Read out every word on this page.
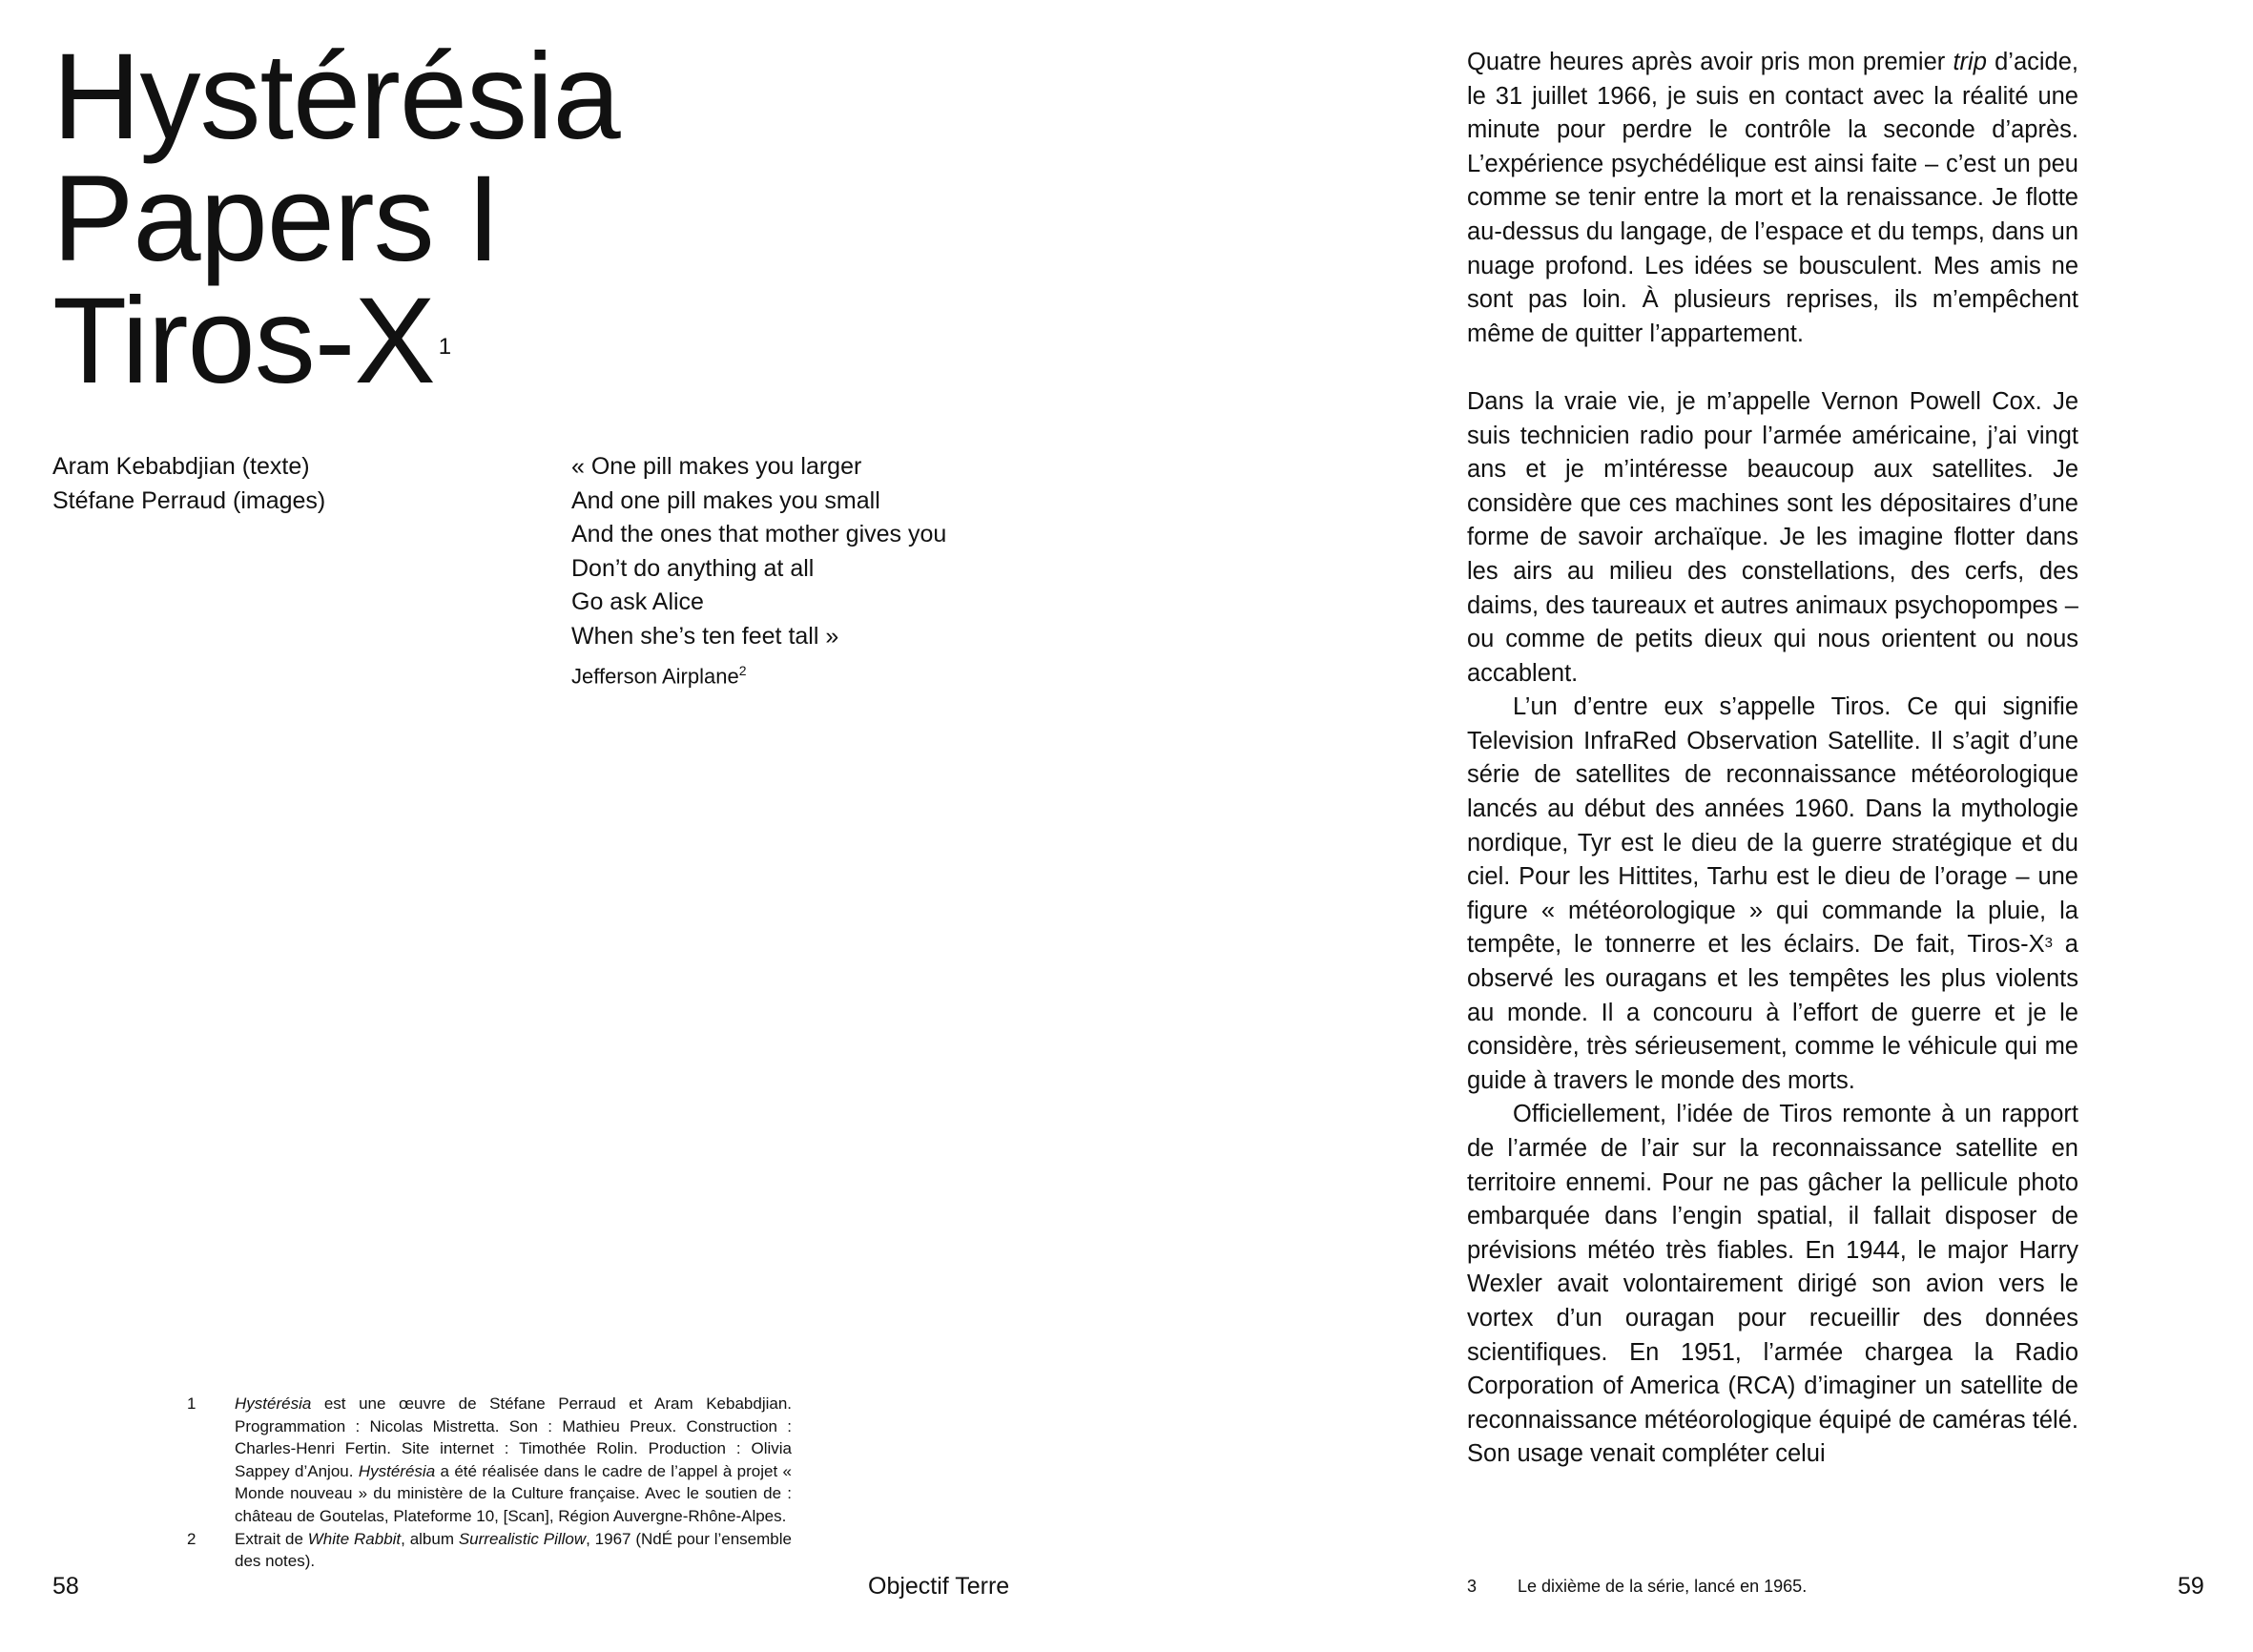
Hystérésia
Papers I
Tiros-X $^1$
Aram Kebabdjian (texte)
Stéfane Perraud (images)
« One pill makes you larger
And one pill makes you small
And the ones that mother gives you
Don’t do anything at all
Go ask Alice
When she’s ten feet tall »
Jefferson Airplane$^2$
1 Hystérésia est une œuvre de Stéfane Perraud et Aram Kebabdjian. Programmation : Nicolas Mistretta. Son : Mathieu Preux. Construction : Charles-Henri Fertin. Site internet : Timothée Rolin. Production : Olivia Sappey d’Anjou. Hystérésia a été réalisée dans le cadre de l’appel à projet « Monde nouveau » du ministère de la Culture française. Avec le soutien de : château de Goutelas, Plateforme 10, [Scan], Région Auvergne-Rhône-Alpes.

2 Extrait de White Rabbit, album Surrealistic Pillow, 1967 (NdÉ pour l’ensemble des notes).

58	Objectif Terre	59

Quatre heures après avoir pris mon premier trip d’acide, le 31 juillet 1966, je suis en contact avec la réalité une minute pour perdre le contrôle la seconde d’après. L’expérience psychédélique est ainsi faite – c’est un peu comme se tenir entre la mort et la renaissance. Je flotte au-dessus du langage, de l’espace et du temps, dans un nuage profond. Les idées se bousculent. Mes amis ne sont pas loin. À plusieurs reprises, ils m’empêchent même de quitter l’appartement.

Dans la vraie vie, je m’appelle Vernon Powell Cox. Je suis technicien radio pour l’armée américaine, j’ai vingt ans et je m’intéresse beaucoup aux satellites. Je considère que ces machines sont les dépositaires d’une forme de savoir archaïque. Je les imagine flotter dans les airs au milieu des constellations, des cerfs, des daims, des taureaux et autres animaux psychopompes – ou comme de petits dieux qui nous orientent ou nous accablent.

L’un d’entre eux s’appelle Tiros. Ce qui signifie Television InfraRed Observation Satellite. Il s’agit d’une série de satellites de reconnaissance météorologique lancés au début des années 1960. Dans la mythologie nordique, Tyr est le dieu de la guerre stratégique et du ciel. Pour les Hittites, Tarhu est le dieu de l’orage – une figure « météorologique » qui commande la pluie, la tempête, le tonnerre et les éclairs. De fait, Tiros-$X^3$ a observé les ouragans et les tempêtes les plus violents au monde. Il a concouru à l’effort de guerre et je le considère, très sérieusement, comme le véhicule qui me guide à travers le monde des morts.

Officiellement, l’idée de Tiros remonte à un rapport de l’armée de l’air sur la reconnaissance satellite en territoire ennemi. Pour ne pas gâcher la pellicule photo embarquée dans l’engin spatial, il fallait disposer de prévisions météo très fiables. En 1944, le major Harry Wexler avait volontairement dirigé son avion vers le vortex d’un ouragan pour recueillir des données scientifiques. En 1951, l’armée chargea la Radio Corporation of America (RCA) d’imaginer un satellite de reconnaissance météorologique équipé de caméras télé. Son usage venait compléter celui

3 Le dixième de la série, lancé en 1965.
